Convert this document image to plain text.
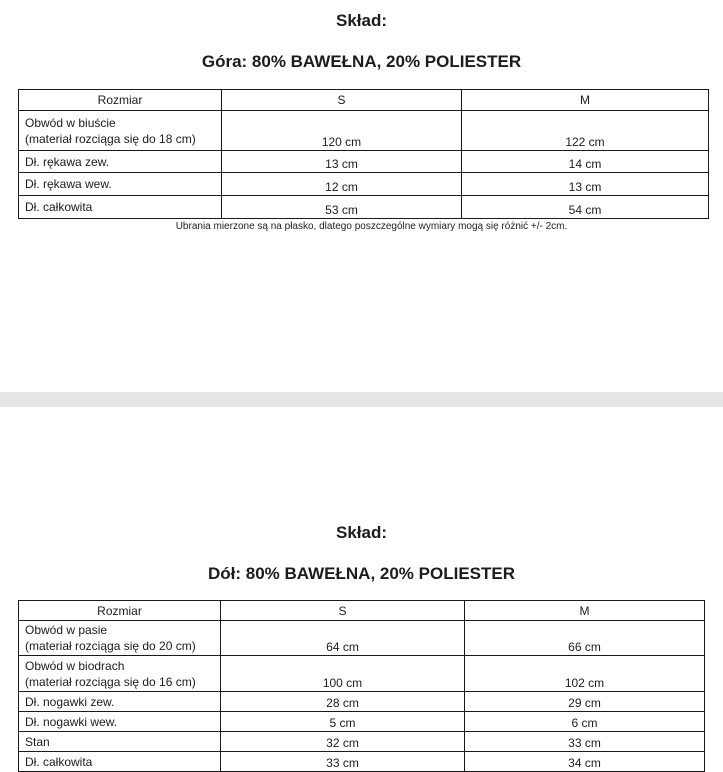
Skład:
Góra: 80% BAWEŁNA, 20% POLIESTER
Rozmiar	S	M

Obwód w biuście
(materiał rozciąga się do 18 cm)	120 cm	122 cm
Dł. rękawa zew.	13 cm	14 cm
Dł. rękawa wew.	12 cm	13 cm
Dł. całkowita	53 cm	54 cm
Ubrania mierzone są na płasko, dlatego poszczególne wymiary mogą się różnić +/- 2cm.
Skład:
Dół: 80% BAWEŁNA, 20% POLIESTER
Rozmiar	S	M

Obwód w pasie
(materiał rozciąga się do 20 cm)	64 cm	66 cm

Obwód w biodrach
(materiał rozciąga się do 16 cm)	100 cm	102 cm
Dł. nogawki zew.	28 cm	29 cm
Dł. nogawki wew.	5 cm	6 cm
Stan	32 cm	33 cm
Dł. całkowita	33 cm	34 cm
